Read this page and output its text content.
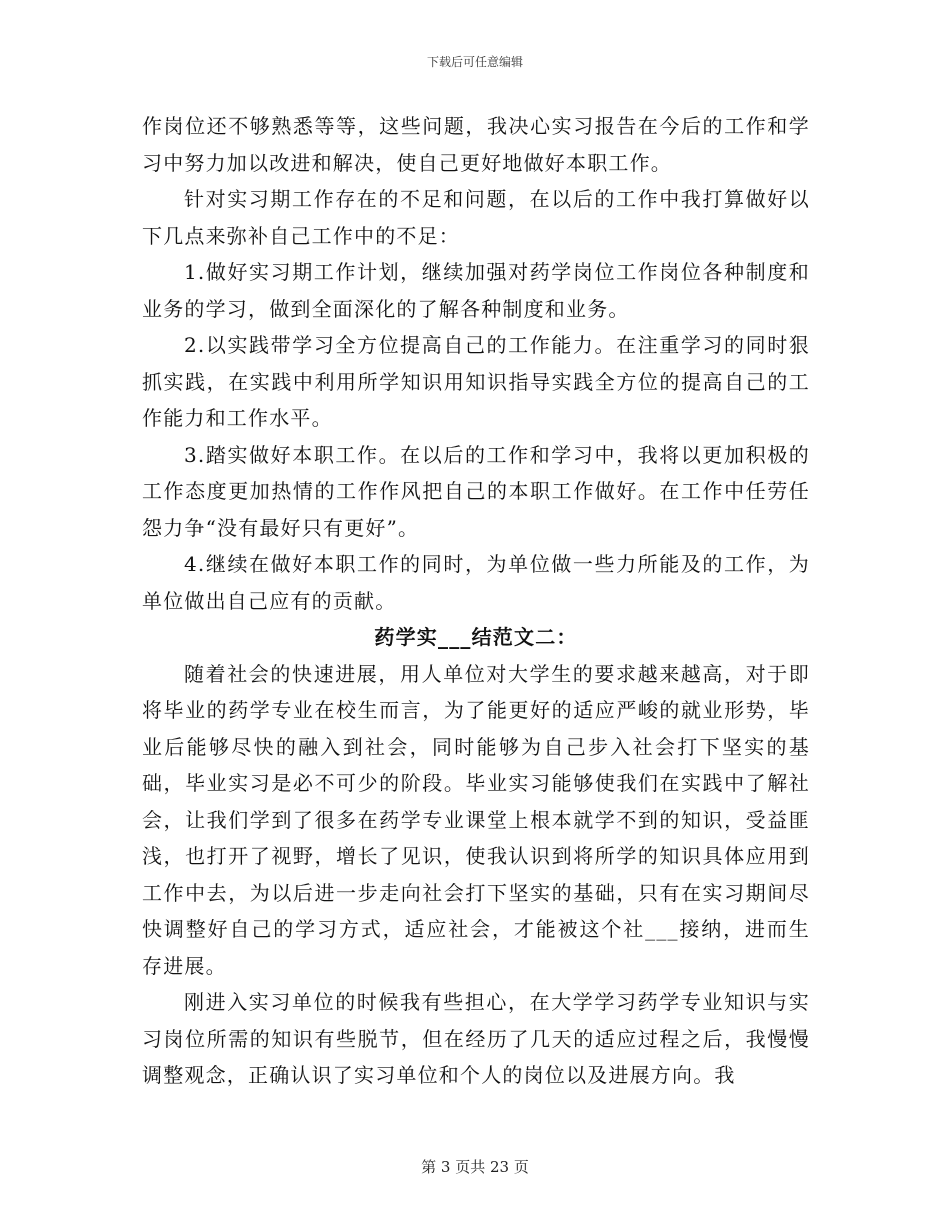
下载后可任意编辑

作岗位还不够熟悉等等，这些问题，我决心实习报告在今后的工作和学习中努力加以改进和解决，使自己更好地做好本职工作。

针对实习期工作存在的不足和问题，在以后的工作中我打算做好以下几点来弥补自己工作中的不足：

1.做好实习期工作计划，继续加强对药学岗位工作岗位各种制度和业务的学习，做到全面深化的了解各种制度和业务。

2.以实践带学习全方位提高自己的工作能力。在注重学习的同时狠抓实践，在实践中利用所学知识用知识指导实践全方位的提高自己的工作能力和工作水平。

3.踏实做好本职工作。在以后的工作和学习中，我将以更加积极的工作态度更加热情的工作作风把自己的本职工作做好。在工作中任劳任怨力争“没有最好只有更好”。

4.继续在做好本职工作的同时，为单位做一些力所能及的工作，为单位做出自己应有的贡献。

药学实___结范文二：

随着社会的快速进展，用人单位对大学生的要求越来越高，对于即将毕业的药学专业在校生而言，为了能更好的适应严峻的就业形势，毕业后能够尽快的融入到社会，同时能够为自己步入社会打下坚实的基础，毕业实习是必不可少的阶段。毕业实习能够使我们在实践中了解社会，让我们学到了很多在药学专业课堂上根本就学不到的知识，受益匪浅，也打开了视野，增长了见识，使我认识到将所学的知识具体应用到工作中去，为以后进一步走向社会打下坚实的基础，只有在实习期间尽快调整好自己的学习方式，适应社会，才能被这个社___接纳，进而生存进展。

刚进入实习单位的时候我有些担心，在大学学习药学专业知识与实习岗位所需的知识有些脱节，但在经历了几天的适应过程之后，我慢慢调整观念，正确认识了实习单位和个人的岗位以及进展方向。我

第 3 页共 23 页
